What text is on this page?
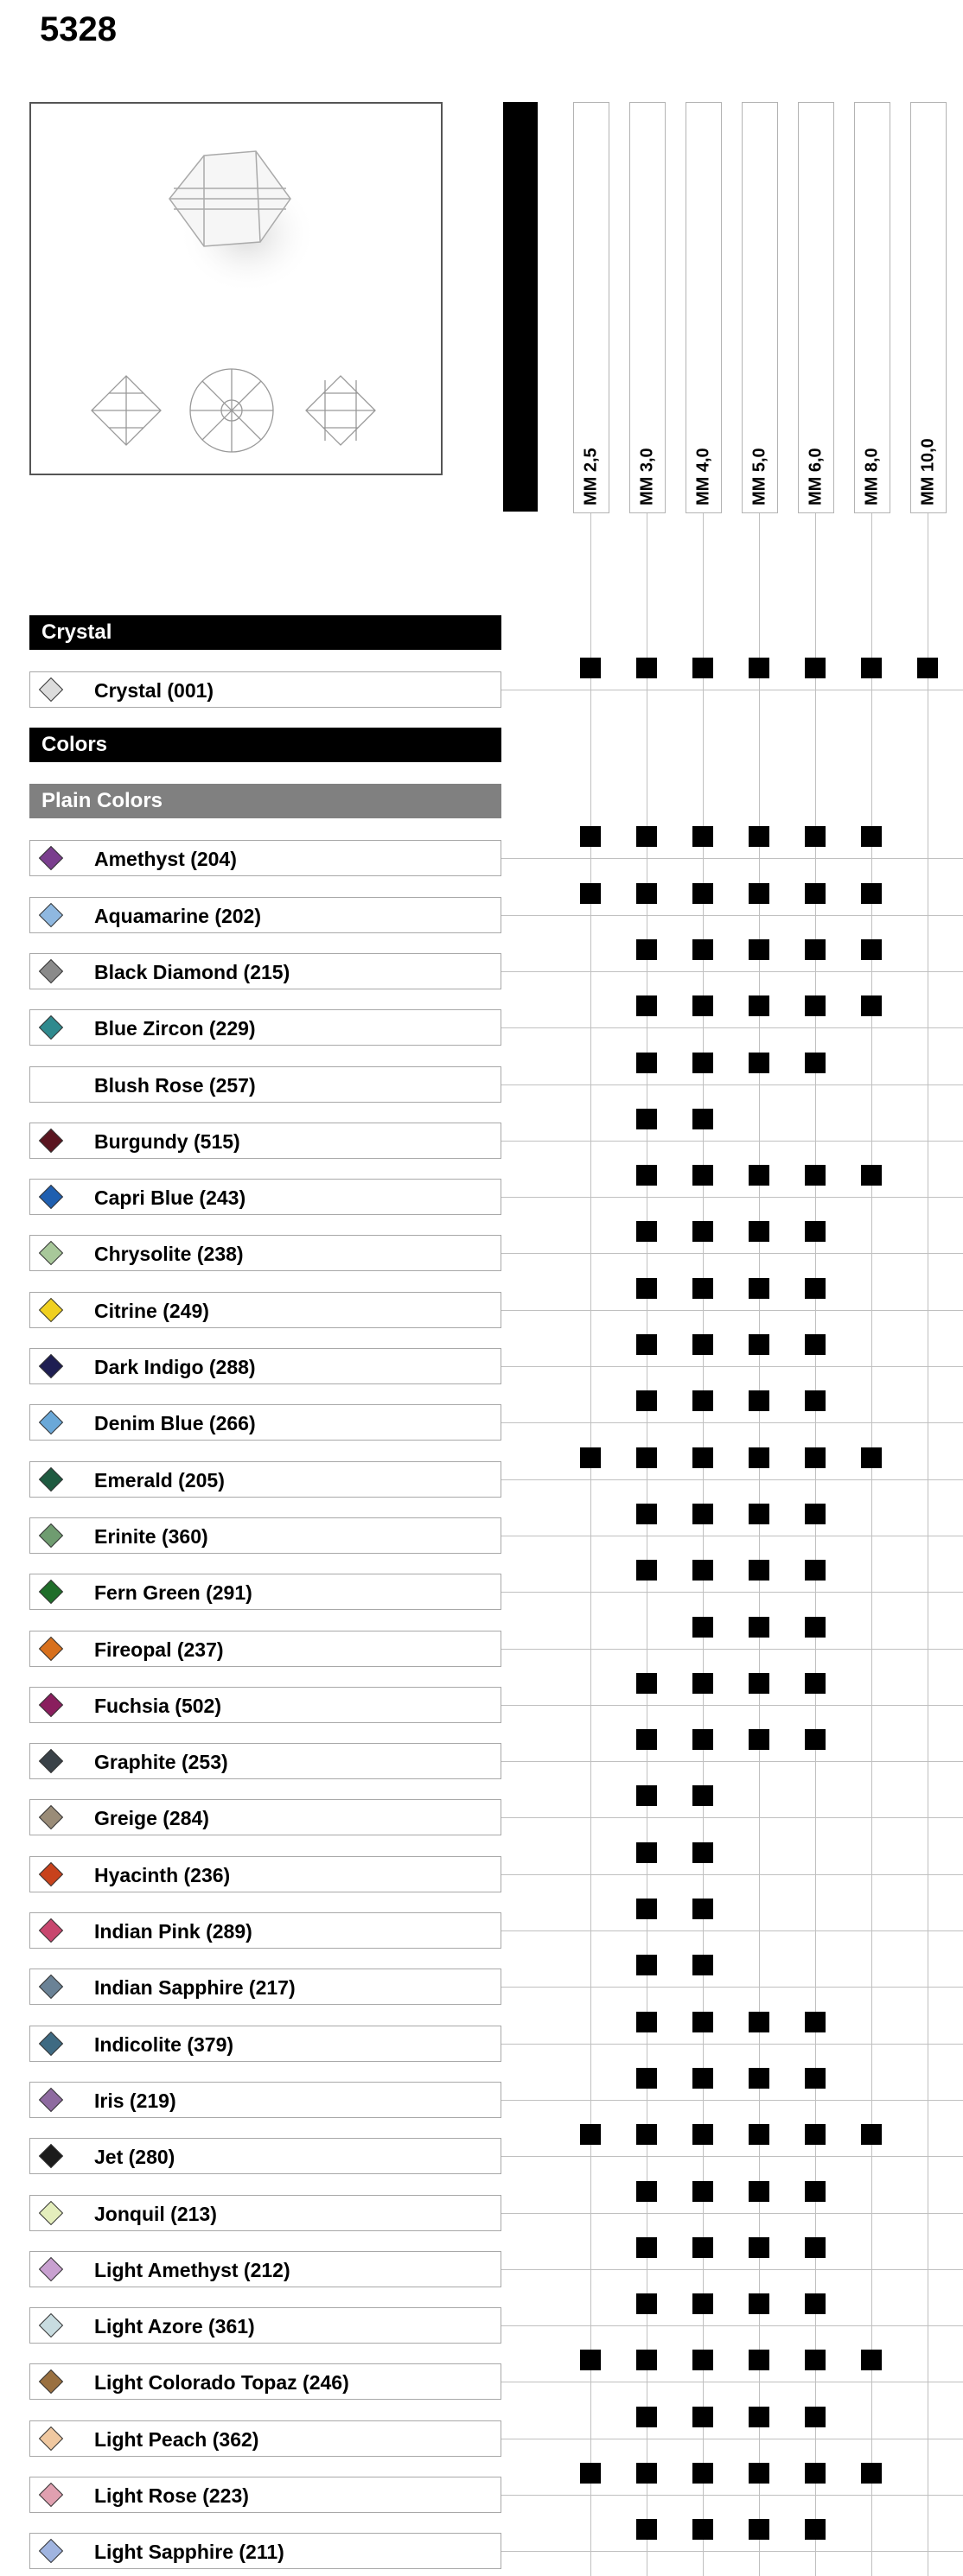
5328
尺寸
MM 2,5 MM 3,0 MM 4,0 MM 5,0 MM 6,0 MM 8,0 MM 10,0
Crystal
Crystal (001)
Colors
Plain Colors
Amethyst (204)
Aquamarine (202)
Black Diamond (215)
Blue Zircon (229)
Blush Rose (257)
Burgundy (515)
Capri Blue (243)
Chrysolite (238)
Citrine (249)
Dark Indigo (288)
Denim Blue (266)
Emerald (205)
Erinite (360)
Fern Green (291)
Fireopal (237)
Fuchsia (502)
Graphite (253)
Greige (284)
Hyacinth (236)
Indian Pink (289)
Indian Sapphire (217)
Indicolite (379)
Iris (219)
Jet (280)
Jonquil (213)
Light Amethyst (212)
Light Azore (361)
Light Colorado Topaz (246)
Light Peach (362)
Light Rose (223)
Light Sapphire (211)
